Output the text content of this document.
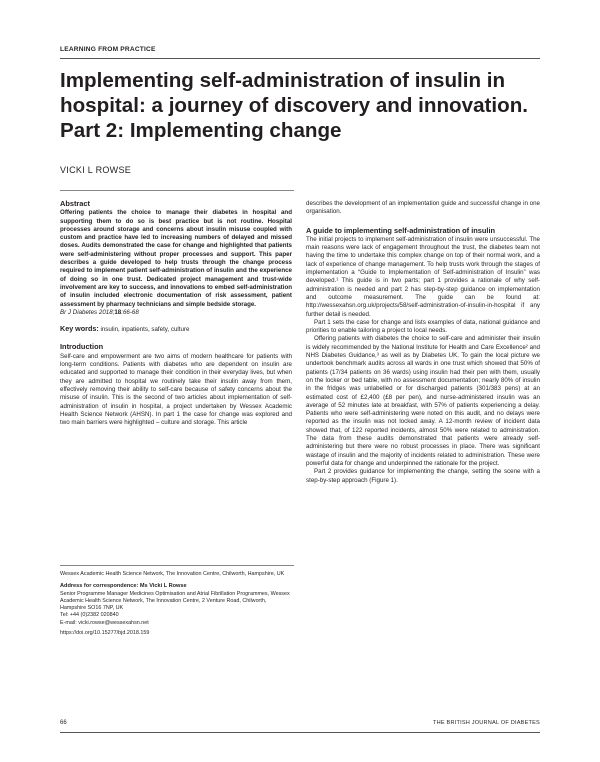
LEARNING FROM PRACTICE
Implementing self-administration of insulin in hospital: a journey of discovery and innovation. Part 2: Implementing change
VICKI L ROWSE
Abstract

Offering patients the choice to manage their diabetes in hospital and supporting them to do so is best practice but is not routine. Hospital processes around storage and concerns about insulin misuse coupled with custom and practice have led to increasing numbers of delayed and missed doses. Audits demonstrated the case for change and highlighted that patients were self-administering without proper processes and support. This paper describes a guide developed to help trusts through the change process required to implement patient self-administration of insulin and the experience of doing so in one trust. Dedicated project management and trust-wide involvement are key to success, and innovations to embed self-administration of insulin included electronic documentation of risk assessment, patient assessment by pharmacy technicians and simple bedside storage.

Br J Diabetes 2018;18:66-68

Key words: insulin, inpatients, safety, culture

Introduction

Self-care and empowerment are two aims of modern healthcare for patients with long-term conditions. Patients with diabetes who are dependent on insulin are educated and supported to manage their condition in their everyday lives, but when they are admitted to hospital we routinely take their insulin away from them, effectively removing their ability to self-care because of safety concerns about the misuse of insulin. This is the second of two articles about implementation of self-administration of insulin in hospital, a project undertaken by Wessex Academic Health Science Network (AHSN). In part 1 the case for change was explored and two main barriers were highlighted – culture and storage. This article

Wessex Academic Health Science Network, The Innovation Centre, Chilworth, Hampshire, UK

Address for correspondence: Ms Vicki L Rowse

Senior Programme Manager Medicines Optimisation and Atrial Fibrillation Programmes, Wessex Academic Health Science Network, The Innovation Centre, 2 Venture Road, Chilworth, Hampshire SO16 7NP, UK

Tel: +44 (0)2382 020840

E-mail: vicki.rowse@wessexahsn.net

https://doi.org/10.15277/bjd.2018.159

describes the development of an implementation guide and successful change in one organisation.

A guide to implementing self-administration of insulin

The initial projects to implement self-administration of insulin were unsuccessful. The main reasons were lack of engagement throughout the trust, the diabetes team not having the time to undertake this complex change on top of their normal work, and a lack of experience of change management. To help trusts work through the stages of implementation a “Guide to Implementation of Self-administration of Insulin” was developed.¹ This guide is in two parts; part 1 provides a rationale of why self-administration is needed and part 2 has step-by-step guidance on implementation and outcome measurement. The guide can be found at: http://wessexahsn.org.uk/projects/58/self-administration-of-insulin-in-hospital if any further detail is needed.

Part 1 sets the case for change and lists examples of data, national guidance and priorities to enable tailoring a project to local needs.

Offering patients with diabetes the choice to self-care and administer their insulin is widely recommended by the National Institute for Health and Care Excellence² and NHS Diabetes Guidance,³ as well as by Diabetes UK. To gain the local picture we undertook benchmark audits across all wards in one trust which showed that 50% of patients (17/34 patients on 36 wards) using insulin had their pen with them, usually on the locker or bed table, with no assessment documentation; nearly 80% of insulin in the fridges was unlabelled or for discharged patients (301/383 pens) at an estimated cost of £2,400 (£8 per pen), and nurse-administered insulin was an average of 52 minutes late at breakfast, with 57% of patients experiencing a delay. Patients who were self-administering were noted on this audit, and no delays were reported as the insulin was not locked away. A 12-month review of incident data showed that, of 122 reported incidents, almost 50% were related to administration. The data from these audits demonstrated that patients were already self-administering but there were no robust processes in place. There was significant wastage of insulin and the majority of incidents related to administration. These were powerful data for change and underpinned the rationale for the project.

Part 2 provides guidance for implementing the change, setting the scene with a step-by-step approach (Figure 1).

66	THE BRITISH JOURNAL OF DIABETES
